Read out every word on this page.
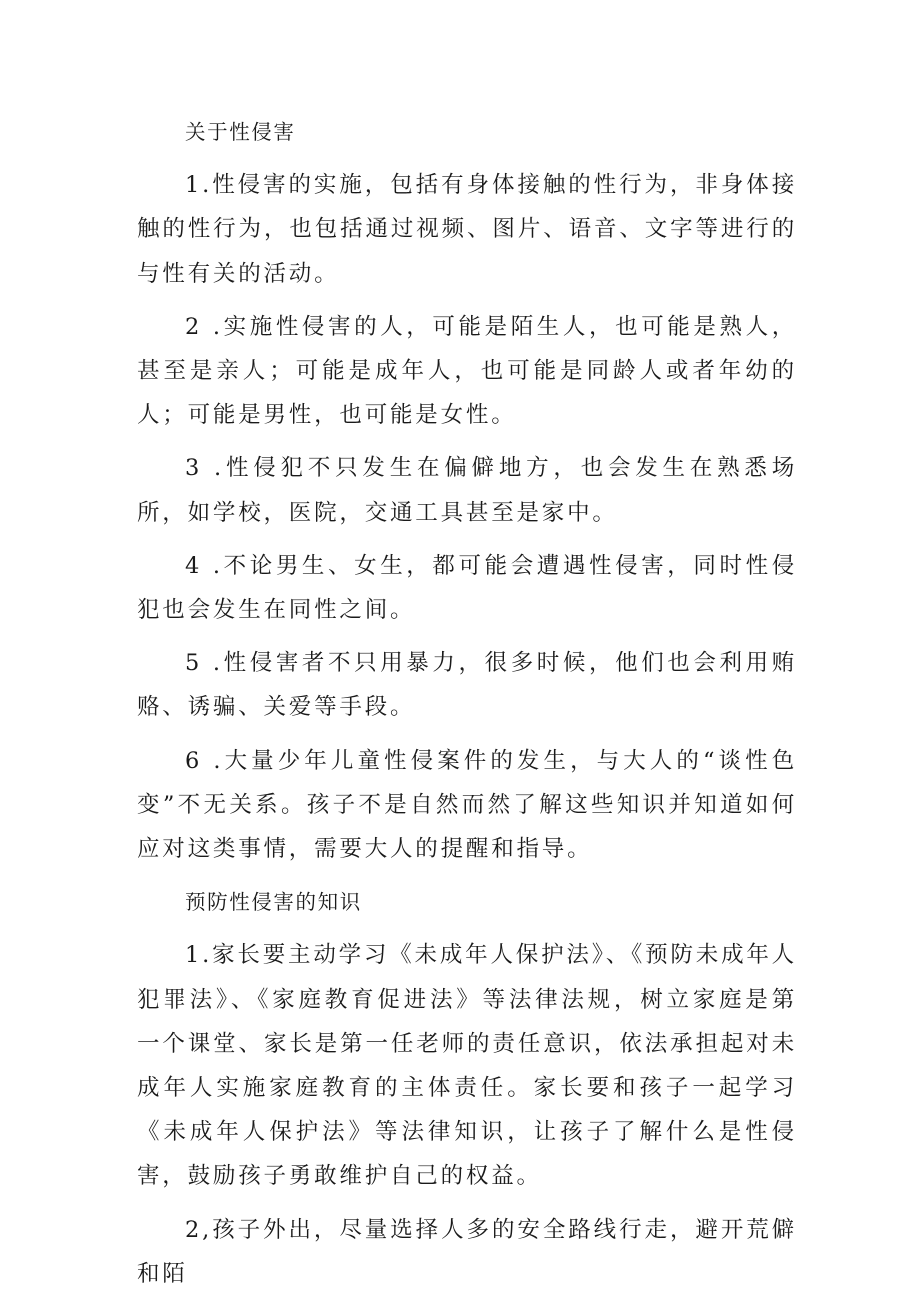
关于性侵害

1.性侵害的实施，包括有身体接触的性行为，非身体接触的性行为，也包括通过视频、图片、语音、文字等进行的与性有关的活动。

2 .实施性侵害的人，可能是陌生人，也可能是熟人，甚至是亲人；可能是成年人，也可能是同龄人或者年幼的人；可能是男性，也可能是女性。

3 .性侵犯不只发生在偏僻地方，也会发生在熟悉场所，如学校，医院，交通工具甚至是家中。

4 .不论男生、女生，都可能会遭遇性侵害，同时性侵犯也会发生在同性之间。

5 .性侵害者不只用暴力，很多时候，他们也会利用贿赂、诱骗、关爱等手段。

6 .大量少年儿童性侵案件的发生，与大人的“谈性色变”不无关系。孩子不是自然而然了解这些知识并知道如何应对这类事情，需要大人的提醒和指导。

预防性侵害的知识

1.家长要主动学习《未成年人保护法》、《预防未成年人犯罪法》、《家庭教育促进法》等法律法规，树立家庭是第一个课堂、家长是第一任老师的责任意识，依法承担起对未成年人实施家庭教育的主体责任。家长要和孩子一起学习《未成年人保护法》等法律知识，让孩子了解什么是性侵害，鼓励孩子勇敢维护自己的权益。

2,孩子外出，尽量选择人多的安全路线行走，避开荒僻和陌
